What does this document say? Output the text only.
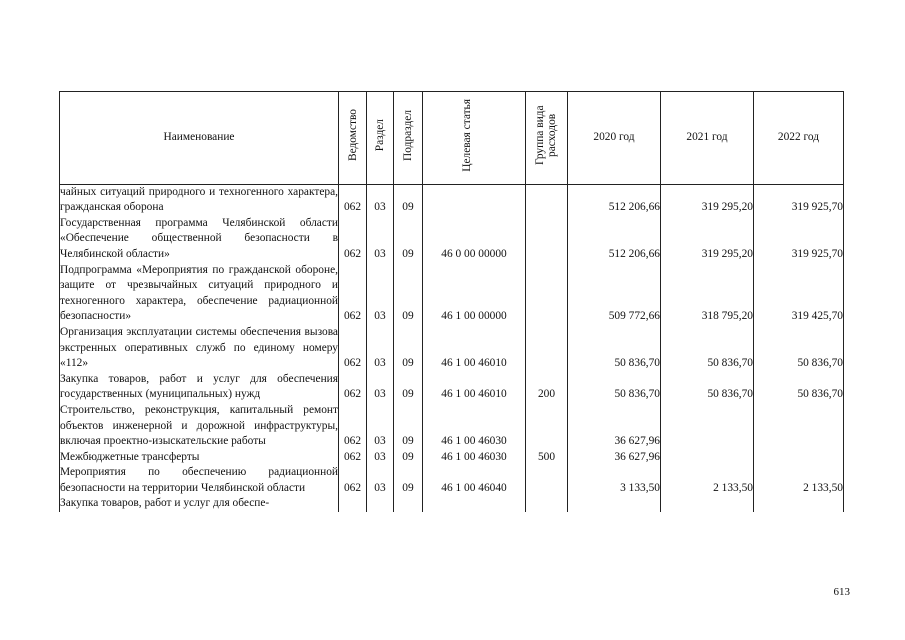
Наименование	Ведомство	Раздел	Подраздел	Целевая статья	Группа вида расходов	2020 год	2021 год	2022 год
чайных ситуаций природного и техногенного характера, гражданская оборона	062	03	09			512 206,66	319 295,20	319 925,70
Государственная программа Челябинской области «Обеспечение общественной безопасности в Челябинской области»	062	03	09	46 0 00 00000		512 206,66	319 295,20	319 925,70
Подпрограмма «Мероприятия по гражданской обороне, защите от чрезвычайных ситуаций природного и техногенного характера, обеспечение радиационной безопасности»	062	03	09	46 1 00 00000		509 772,66	318 795,20	319 425,70
Организация эксплуатации системы обеспечения вызова экстренных оперативных служб по единому номеру «112»	062	03	09	46 1 00 46010		50 836,70	50 836,70	50 836,70
Закупка товаров, работ и услуг для обеспечения государственных (муниципальных) нужд	062	03	09	46 1 00 46010	200	50 836,70	50 836,70	50 836,70
Строительство, реконструкция, капитальный ремонт объектов инженерной и дорожной инфраструктуры, включая проектно-изыскательские работы	062	03	09	46 1 00 46030		36 627,96		
Межбюджетные трансферты	062	03	09	46 1 00 46030	500	36 627,96		
Мероприятия по обеспечению радиационной безопасности на территории Челябинской области	062	03	09	46 1 00 46040		3 133,50	2 133,50	2 133,50
Закупка товаров, работ и услуг для обеспе-								
613
